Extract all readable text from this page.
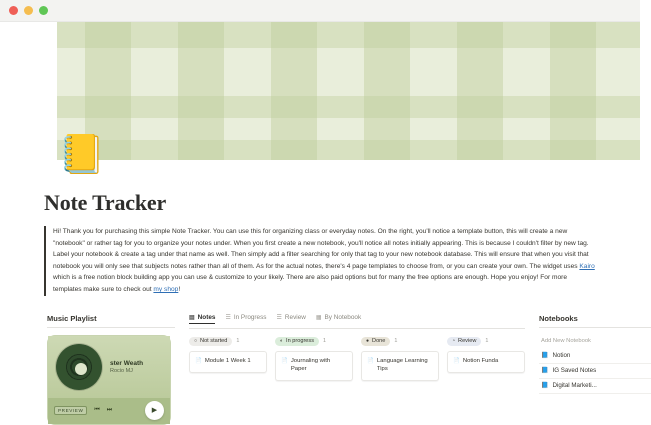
📒
Note Tracker
Hi! Thank you for purchasing this simple Note Tracker. You can use this for organizing class or everyday notes. On the right, you'll notice a template button, this will create a new "notebook" or rather tag for you to organize your notes under. When you first create a new notebook, you'll notice all notes initially appearing. This is because I couldn't filter by new tag. Label your notebook & create a tag under that name as well. Then simply add a filter searching for only that tag to your new notebook database. This will ensure that when you visit that notebook you will only see that subjects notes rather than all of them. As for the actual notes, there's 4 page templates to choose from, or you can create your own. The widget uses Kairo which is a free notion block building app you can use & customize to your likely. There are also paid options but for many the free options are enough. Hope you enjoy! For more templates make sure to check out my shop!
Music Playlist
ster Weath
Rocio MJ
PREVIEW	⏮ ⏭	▶
▤ Notes ☰ In Progress ☰ Review ▦ By Notebook
○ Not started 1
📄 Module 1 Week 1
◐ In progress 1
📄 Journaling with Paper
● Done 1
📄 Language Learning Tips
◔ Review 1
📄 Notion Funda
Notebooks
Add New Notebook
📘 Notion
📘 IG Saved Notes
📘 Digital Marketi...
